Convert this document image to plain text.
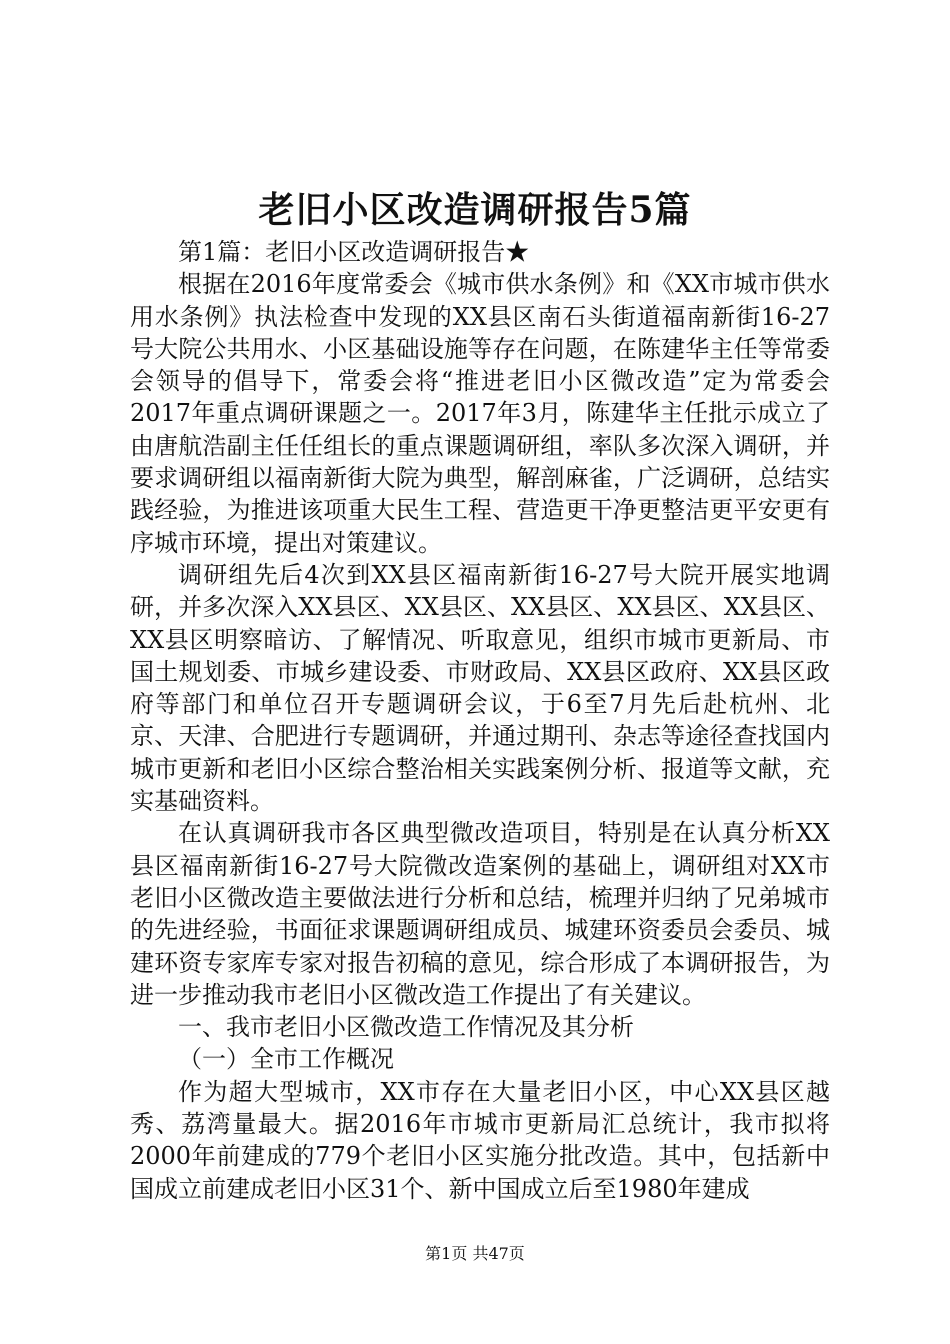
老旧小区改造调研报告5篇

第1篇：老旧小区改造调研报告★

根据在2016年度常委会《城市供水条例》和《XX市城市供水用水条例》执法检查中发现的XX县区南石头街道福南新街16-27号大院公共用水、小区基础设施等存在问题，在陈建华主任等常委会领导的倡导下，常委会将“推进老旧小区微改造”定为常委会2017年重点调研课题之一。2017年3月，陈建华主任批示成立了由唐航浩副主任任组长的重点课题调研组，率队多次深入调研，并要求调研组以福南新街大院为典型，解剖麻雀，广泛调研，总结实践经验，为推进该项重大民生工程、营造更干净更整洁更平安更有序城市环境，提出对策建议。

调研组先后4次到XX县区福南新街16-27号大院开展实地调研，并多次深入XX县区、XX县区、XX县区、XX县区、XX县区、XX县区明察暗访、了解情况、听取意见，组织市城市更新局、市国土规划委、市城乡建设委、市财政局、XX县区政府、XX县区政府等部门和单位召开专题调研会议，于6至7月先后赴杭州、北京、天津、合肥进行专题调研，并通过期刊、杂志等途径查找国内城市更新和老旧小区综合整治相关实践案例分析、报道等文献，充实基础资料。

在认真调研我市各区典型微改造项目，特别是在认真分析XX县区福南新街16-27号大院微改造案例的基础上，调研组对XX市老旧小区微改造主要做法进行分析和总结，梳理并归纳了兄弟城市的先进经验，书面征求课题调研组成员、城建环资委员会委员、城建环资专家库专家对报告初稿的意见，综合形成了本调研报告，为进一步推动我市老旧小区微改造工作提出了有关建议。

一、我市老旧小区微改造工作情况及其分析

（一）全市工作概况

作为超大型城市，XX市存在大量老旧小区，中心XX县区越秀、荔湾量最大。据2016年市城市更新局汇总统计，我市拟将2000年前建成的779个老旧小区实施分批改造。其中，包括新中国成立前建成老旧小区31个、新中国成立后至1980年建成

第1页 共47页
